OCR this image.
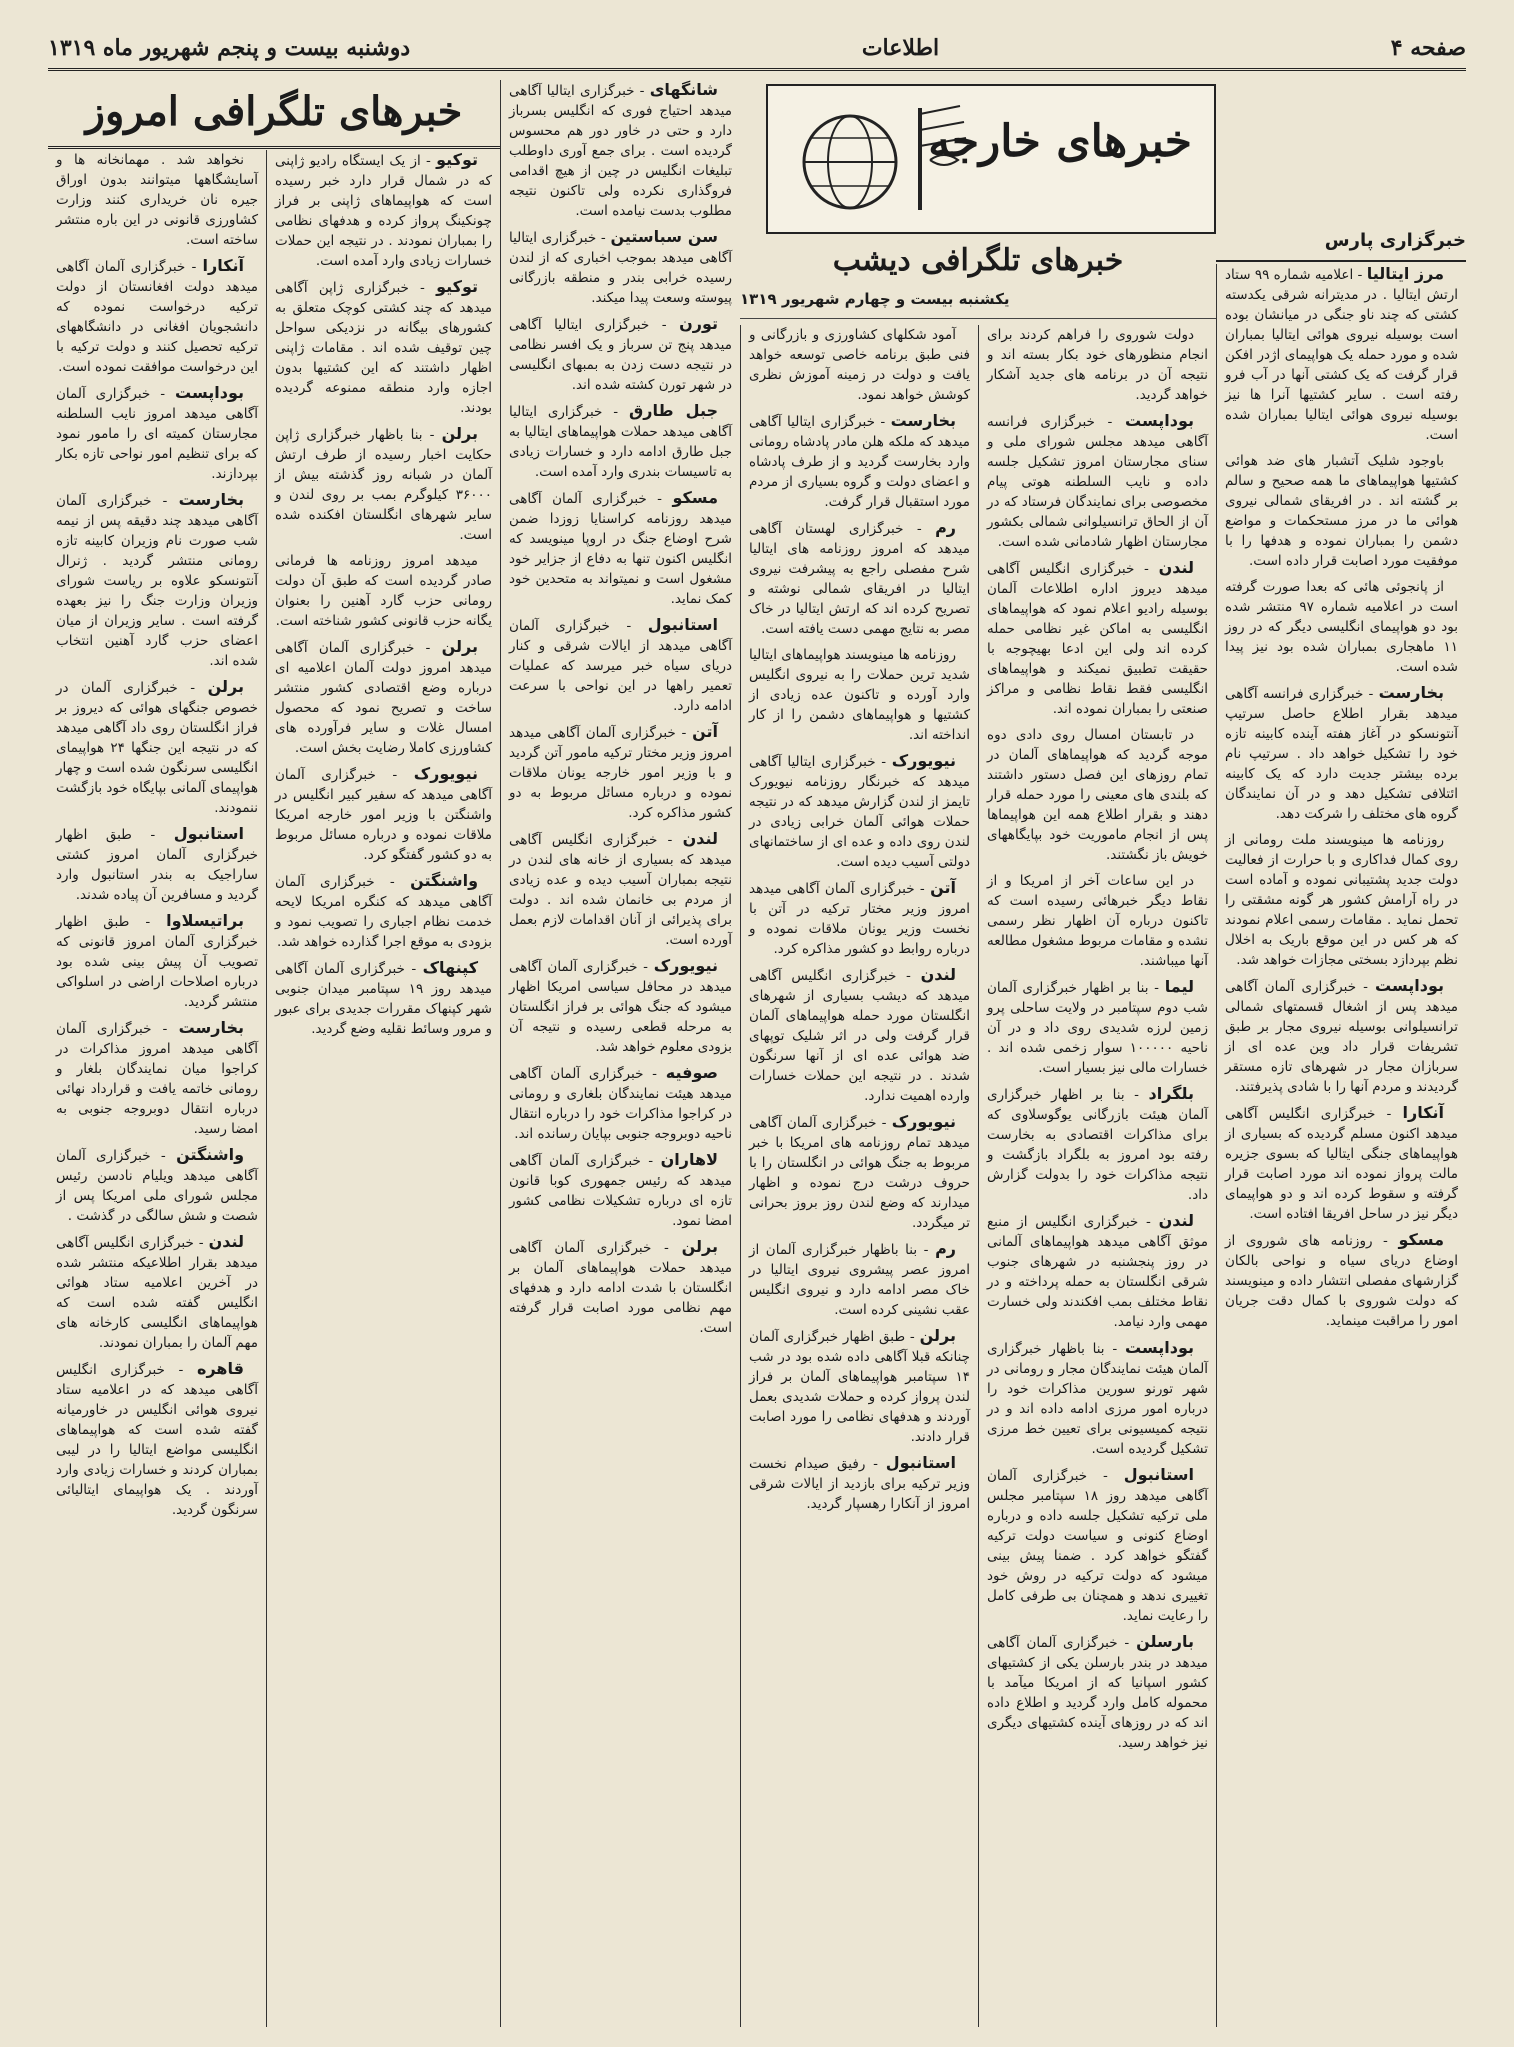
صفحه ۴
اطلاعات
دوشنبه بیست و پنجم شهریور ماه ۱۳۱۹
خبرهای خارجه
خبرهای تلگرافی دیشب
یکشنبه بیست و چهارم شهریور ۱۳۱۹
خبرهای تلگرافی امروز
خبرگزاری پارس

مرز ایتالیا - اعلامیه شماره ۹۹ ستاد ارتش ایتالیا . در مدیترانه شرقی یکدسته کشتی که چند ناو جنگی در میانشان بوده است بوسیله نیروی هوائی ایتالیا بمباران شده و مورد حمله یک هواپیمای اژدر افکن قرار گرفت که یک کشتی آنها در آب فرو رفته است . سایر کشتیها آنرا ها نیز بوسیله نیروی هوائی ایتالیا بمباران شده است.

باوجود شلیک آتشبار های ضد هوائی کشتیها هواپیماهای ما همه صحیح و سالم بر گشته اند . در افریقای شمالی نیروی هوائی ما در مرز مستحکمات و مواضع دشمن را بمباران نموده و هدفها را با موفقیت مورد اصابت قرار داده است.

از پانجوئی هائی که بعدا صورت گرفته است در اعلامیه شماره ۹۷ منتشر شده بود دو هواپیمای انگلیسی دیگر که در روز ۱۱ ماهجاری بمباران شده بود نیز پیدا شده است.

بخارست - خبرگزاری فرانسه آگاهی میدهد بقرار اطلاع حاصل سرتیپ آنتونسکو در آغاز هفته آینده کابینه تازه خود را تشکیل خواهد داد . سرتیپ نام برده بیشتر جدیت دارد که یک کابینه ائتلافی تشکیل دهد و در آن نمایندگان گروه های مختلف را شرکت دهد.

روزنامه ها مینویسند ملت رومانی از روی کمال فداکاری و با حرارت از فعالیت دولت جدید پشتیبانی نموده و آماده است در راه آرامش کشور هر گونه مشقتی را تحمل نماید . مقامات رسمی اعلام نمودند که هر کس در این موقع باریک به اخلال نظم بپردازد بسختی مجازات خواهد شد.

بوداپست - خبرگزاری آلمان آگاهی میدهد پس از اشغال قسمتهای شمالی ترانسیلوانی بوسیله نیروی مجار بر طبق تشریفات قرار داد وین عده ای از سربازان مجار در شهرهای تازه مستقر گردیدند و مردم آنها را با شادی پذیرفتند.

آنکارا - خبرگزاری انگلیس آگاهی میدهد اکنون مسلم گردیده که بسیاری از هواپیماهای جنگی ایتالیا که بسوی جزیره مالت پرواز نموده اند مورد اصابت قرار گرفته و سقوط کرده اند و دو هواپیمای دیگر نیز در ساحل افریقا افتاده است.

مسکو - روزنامه های شوروی از اوضاع دریای سیاه و نواحی بالکان گزارشهای مفصلی انتشار داده و مینویسند که دولت شوروی با کمال دقت جریان امور را مراقبت مینماید.

دولت شوروی را فراهم کردند برای انجام منظورهای خود بکار بسته اند و نتیجه آن در برنامه های جدید آشکار خواهد گردید.

بوداپست - خبرگزاری فرانسه آگاهی میدهد مجلس شورای ملی و سنای مجارستان امروز تشکیل جلسه داده و نایب السلطنه هوتی پیام مخصوصی برای نمایندگان فرستاد که در آن از الحاق ترانسیلوانی شمالی بکشور مجارستان اظهار شادمانی شده است.

لندن - خبرگزاری انگلیس آگاهی میدهد دیروز اداره اطلاعات آلمان بوسیله رادیو اعلام نمود که هواپیماهای انگلیسی به اماکن غیر نظامی حمله کرده اند ولی این ادعا بهیچوجه با حقیقت تطبیق نمیکند و هواپیماهای انگلیسی فقط نقاط نظامی و مراکز صنعتی را بمباران نموده اند.

در تابستان امسال روی دادی دوه موجه گردید که هواپیماهای آلمان در تمام روزهای این فصل دستور داشتند که بلندی های معینی را مورد حمله قرار دهند و بقرار اطلاع همه این هواپیماها پس از انجام ماموریت خود بپایگاههای خویش باز نگشتند.

در این ساعات آخر از امریکا و از نقاط دیگر خبرهائی رسیده است که تاکنون درباره آن اظهار نظر رسمی نشده و مقامات مربوط مشغول مطالعه آنها میباشند.

لیما - بنا بر اظهار خبرگزاری آلمان شب دوم سپتامبر در ولایت ساحلی پرو زمین لرزه شدیدی روی داد و در آن ناحیه ۱۰۰۰۰۰ سوار زخمی شده اند . خسارات مالی نیز بسیار است.

بلگراد - بنا بر اظهار خبرگزاری آلمان هیئت بازرگانی یوگوسلاوی که برای مذاکرات اقتصادی به بخارست رفته بود امروز به بلگراد بازگشت و نتیجه مذاکرات خود را بدولت گزارش داد.

لندن - خبرگزاری انگلیس از منبع موثق آگاهی میدهد هواپیماهای آلمانی در روز پنجشنبه در شهرهای جنوب شرقی انگلستان به حمله پرداخته و در نقاط مختلف بمب افکندند ولی خسارت مهمی وارد نیامد.

بوداپست - بنا باظهار خبرگزاری آلمان هیئت نمایندگان مجار و رومانی در شهر تورنو سورین مذاکرات خود را درباره امور مرزی ادامه داده اند و در نتیجه کمیسیونی برای تعیین خط مرزی تشکیل گردیده است.

استانبول - خبرگزاری آلمان آگاهی میدهد روز ۱۸ سپتامبر مجلس ملی ترکیه تشکیل جلسه داده و درباره اوضاع کنونی و سیاست دولت ترکیه گفتگو خواهد کرد . ضمنا پیش بینی میشود که دولت ترکیه در روش خود تغییری ندهد و همچنان بی طرفی کامل را رعایت نماید.

بارسلن - خبرگزاری آلمان آگاهی میدهد در بندر بارسلن یکی از کشتیهای کشور اسپانیا که از امریکا میآمد با محموله کامل وارد گردید و اطلاع داده اند که در روزهای آینده کشتیهای دیگری نیز خواهد رسید.

آمود شکلهای کشاورزی و بازرگانی و فنی طبق برنامه خاصی توسعه خواهد یافت و دولت در زمینه آموزش نظری کوشش خواهد نمود.

بخارست - خبرگزاری ایتالیا آگاهی میدهد که ملکه هلن مادر پادشاه رومانی وارد بخارست گردید و از طرف پادشاه و اعضای دولت و گروه بسیاری از مردم مورد استقبال قرار گرفت.

رم - خبرگزاری لهستان آگاهی میدهد که امروز روزنامه های ایتالیا شرح مفصلی راجع به پیشرفت نیروی ایتالیا در افریقای شمالی نوشته و تصریح کرده اند که ارتش ایتالیا در خاک مصر به نتایج مهمی دست یافته است.

روزنامه ها مینویسند هواپیماهای ایتالیا شدید ترین حملات را به نیروی انگلیس وارد آورده و تاکنون عده زیادی از کشتیها و هواپیماهای دشمن را از کار انداخته اند.

نیویورک - خبرگزاری ایتالیا آگاهی میدهد که خبرنگار روزنامه نیویورک تایمز از لندن گزارش میدهد که در نتیجه حملات هوائی آلمان خرابی زیادی در لندن روی داده و عده ای از ساختمانهای دولتی آسیب دیده است.

آتن - خبرگزاری آلمان آگاهی میدهد امروز وزیر مختار ترکیه در آتن با نخست وزیر یونان ملاقات نموده و درباره روابط دو کشور مذاکره کرد.

لندن - خبرگزاری انگلیس آگاهی میدهد که دیشب بسیاری از شهرهای انگلستان مورد حمله هواپیماهای آلمان قرار گرفت ولی در اثر شلیک توپهای ضد هوائی عده ای از آنها سرنگون شدند . در نتیجه این حملات خسارات وارده اهمیت ندارد.

نیویورک - خبرگزاری آلمان آگاهی میدهد تمام روزنامه های امریکا با خبر مربوط به جنگ هوائی در انگلستان را با حروف درشت درج نموده و اظهار میدارند که وضع لندن روز بروز بحرانی تر میگردد.

رم - بنا باظهار خبرگزاری آلمان از امروز عصر پیشروی نیروی ایتالیا در خاک مصر ادامه دارد و نیروی انگلیس عقب نشینی کرده است.

برلن - طبق اظهار خبرگزاری آلمان چنانکه قبلا آگاهی داده شده بود در شب ۱۴ سپتامبر هواپیماهای آلمان بر فراز لندن پرواز کرده و حملات شدیدی بعمل آوردند و هدفهای نظامی را مورد اصابت قرار دادند.

استانبول - رفیق صیدام نخست وزیر ترکیه برای بازدید از ایالات شرقی امروز از آنکارا رهسپار گردید.

شانگهای - خبرگزاری ایتالیا آگاهی میدهد احتیاج فوری که انگلیس بسرباز دارد و حتی در خاور دور هم محسوس گردیده است . برای جمع آوری داوطلب تبلیغات انگلیس در چین از هیچ اقدامی فروگذاری نکرده ولی تاکنون نتیجه مطلوب بدست نیامده است.

سن سباستین - خبرگزاری ایتالیا آگاهی میدهد بموجب اخباری که از لندن رسیده خرابی بندر و منطقه بازرگانی پیوسته وسعت پیدا میکند.

تورن - خبرگزاری ایتالیا آگاهی میدهد پنج تن سرباز و یک افسر نظامی در نتیجه دست زدن به بمبهای انگلیسی در شهر تورن کشته شده اند.

جبل طارق - خبرگزاری ایتالیا آگاهی میدهد حملات هواپیماهای ایتالیا به جبل طارق ادامه دارد و خسارات زیادی به تاسیسات بندری وارد آمده است.

مسکو - خبرگزاری آلمان آگاهی میدهد روزنامه کراسنایا زوزدا ضمن شرح اوضاع جنگ در اروپا مینویسد که انگلیس اکنون تنها به دفاع از جزایر خود مشغول است و نمیتواند به متحدین خود کمک نماید.

استانبول - خبرگزاری آلمان آگاهی میدهد از ایالات شرقی و کنار دریای سیاه خبر میرسد که عملیات تعمیر راهها در این نواحی با سرعت ادامه دارد.

آتن - خبرگزاری آلمان آگاهی میدهد امروز وزیر مختار ترکیه مامور آتن گردید و با وزیر امور خارجه یونان ملاقات نموده و درباره مسائل مربوط به دو کشور مذاکره کرد.

لندن - خبرگزاری انگلیس آگاهی میدهد که بسیاری از خانه های لندن در نتیجه بمباران آسیب دیده و عده زیادی از مردم بی خانمان شده اند . دولت برای پذیرائی از آنان اقدامات لازم بعمل آورده است.

نیویورک - خبرگزاری آلمان آگاهی میدهد در محافل سیاسی امریکا اظهار میشود که جنگ هوائی بر فراز انگلستان به مرحله قطعی رسیده و نتیجه آن بزودی معلوم خواهد شد.

صوفیه - خبرگزاری آلمان آگاهی میدهد هیئت نمایندگان بلغاری و رومانی در کراجوا مذاکرات خود را درباره انتقال ناحیه دوبروجه جنوبی بپایان رسانده اند.

لاهاران - خبرگزاری آلمان آگاهی میدهد که رئیس جمهوری کوبا قانون تازه ای درباره تشکیلات نظامی کشور امضا نمود.

برلن - خبرگزاری آلمان آگاهی میدهد حملات هواپیماهای آلمان بر انگلستان با شدت ادامه دارد و هدفهای مهم نظامی مورد اصابت قرار گرفته است.

توکیو - از یک ایستگاه رادیو ژاپنی که در شمال قرار دارد خبر رسیده است که هواپیماهای ژاپنی بر فراز چونکینگ پرواز کرده و هدفهای نظامی را بمباران نمودند . در نتیجه این حملات خسارات زیادی وارد آمده است.

توکیو - خبرگزاری ژاپن آگاهی میدهد که چند کشتی کوچک متعلق به کشورهای بیگانه در نزدیکی سواحل چین توقیف شده اند . مقامات ژاپنی اظهار داشتند که این کشتیها بدون اجازه وارد منطقه ممنوعه گردیده بودند.

برلن - بنا باظهار خبرگزاری ژاپن حکایت اخبار رسیده از طرف ارتش آلمان در شبانه روز گذشته بیش از ۳۶۰۰۰ کیلوگرم بمب بر روی لندن و سایر شهرهای انگلستان افکنده شده است.

میدهد امروز روزنامه ها فرمانی صادر گردیده است که طبق آن دولت رومانی حزب گارد آهنین را بعنوان یگانه حزب قانونی کشور شناخته است.

برلن - خبرگزاری آلمان آگاهی میدهد امروز دولت آلمان اعلامیه ای درباره وضع اقتصادی کشور منتشر ساخت و تصریح نمود که محصول امسال غلات و سایر فرآورده های کشاورزی کاملا رضایت بخش است.

نیویورک - خبرگزاری آلمان آگاهی میدهد که سفیر کبیر انگلیس در واشنگتن با وزیر امور خارجه امریکا ملاقات نموده و درباره مسائل مربوط به دو کشور گفتگو کرد.

واشنگتن - خبرگزاری آلمان آگاهی میدهد که کنگره امریکا لایحه خدمت نظام اجباری را تصویب نمود و بزودی به موقع اجرا گذارده خواهد شد.

کپنهاک - خبرگزاری آلمان آگاهی میدهد روز ۱۹ سپتامبر میدان جنوبی شهر کپنهاک مقررات جدیدی برای عبور و مرور وسائط نقلیه وضع گردید.

نخواهد شد . مهمانخانه ها و آسایشگاهها میتوانند بدون اوراق جیره نان خریداری کنند وزارت کشاورزی قانونی در این باره منتشر ساخته است.

آنکارا - خبرگزاری آلمان آگاهی میدهد دولت افغانستان از دولت ترکیه درخواست نموده که دانشجویان افغانی در دانشگاههای ترکیه تحصیل کنند و دولت ترکیه با این درخواست موافقت نموده است.

بوداپست - خبرگزاری آلمان آگاهی میدهد امروز نایب السلطنه مجارستان کمیته ای را مامور نمود که برای تنظیم امور نواحی تازه بکار بپردازند.

بخارست - خبرگزاری آلمان آگاهی میدهد چند دقیقه پس از نیمه شب صورت نام وزیران کابینه تازه رومانی منتشر گردید . ژنرال آنتونسکو علاوه بر ریاست شورای وزیران وزارت جنگ را نیز بعهده گرفته است . سایر وزیران از میان اعضای حزب گارد آهنین انتخاب شده اند.

برلن - خبرگزاری آلمان در خصوص جنگهای هوائی که دیروز بر فراز انگلستان روی داد آگاهی میدهد که در نتیجه این جنگها ۲۴ هواپیمای انگلیسی سرنگون شده است و چهار هواپیمای آلمانی بپایگاه خود بازگشت ننمودند.

استانبول - طبق اظهار خبرگزاری آلمان امروز کشتی ساراجیک به بندر استانبول وارد گردید و مسافرین آن پیاده شدند.

براتیسلاوا - طبق اظهار خبرگزاری آلمان امروز قانونی که تصویب آن پیش بینی شده بود درباره اصلاحات اراضی در اسلواکی منتشر گردید.

بخارست - خبرگزاری آلمان آگاهی میدهد امروز مذاکرات در کراجوا میان نمایندگان بلغار و رومانی خاتمه یافت و قرارداد نهائی درباره انتقال دوبروجه جنوبی به امضا رسید.

واشنگتن - خبرگزاری آلمان آگاهی میدهد ویلیام نادسن رئیس مجلس شورای ملی امریکا پس از شصت و شش سالگی در گذشت .

لندن - خبرگزاری انگلیس آگاهی میدهد بقرار اطلاعیکه منتشر شده در آخرین اعلامیه ستاد هوائی انگلیس گفته شده است که هواپیماهای انگلیسی کارخانه های مهم آلمان را بمباران نمودند.

قاهره - خبرگزاری انگلیس آگاهی میدهد که در اعلامیه ستاد نیروی هوائی انگلیس در خاورمیانه گفته شده است که هواپیماهای انگلیسی مواضع ایتالیا را در لیبی بمباران کردند و خسارات زیادی وارد آوردند . یک هواپیمای ایتالیائی سرنگون گردید.
